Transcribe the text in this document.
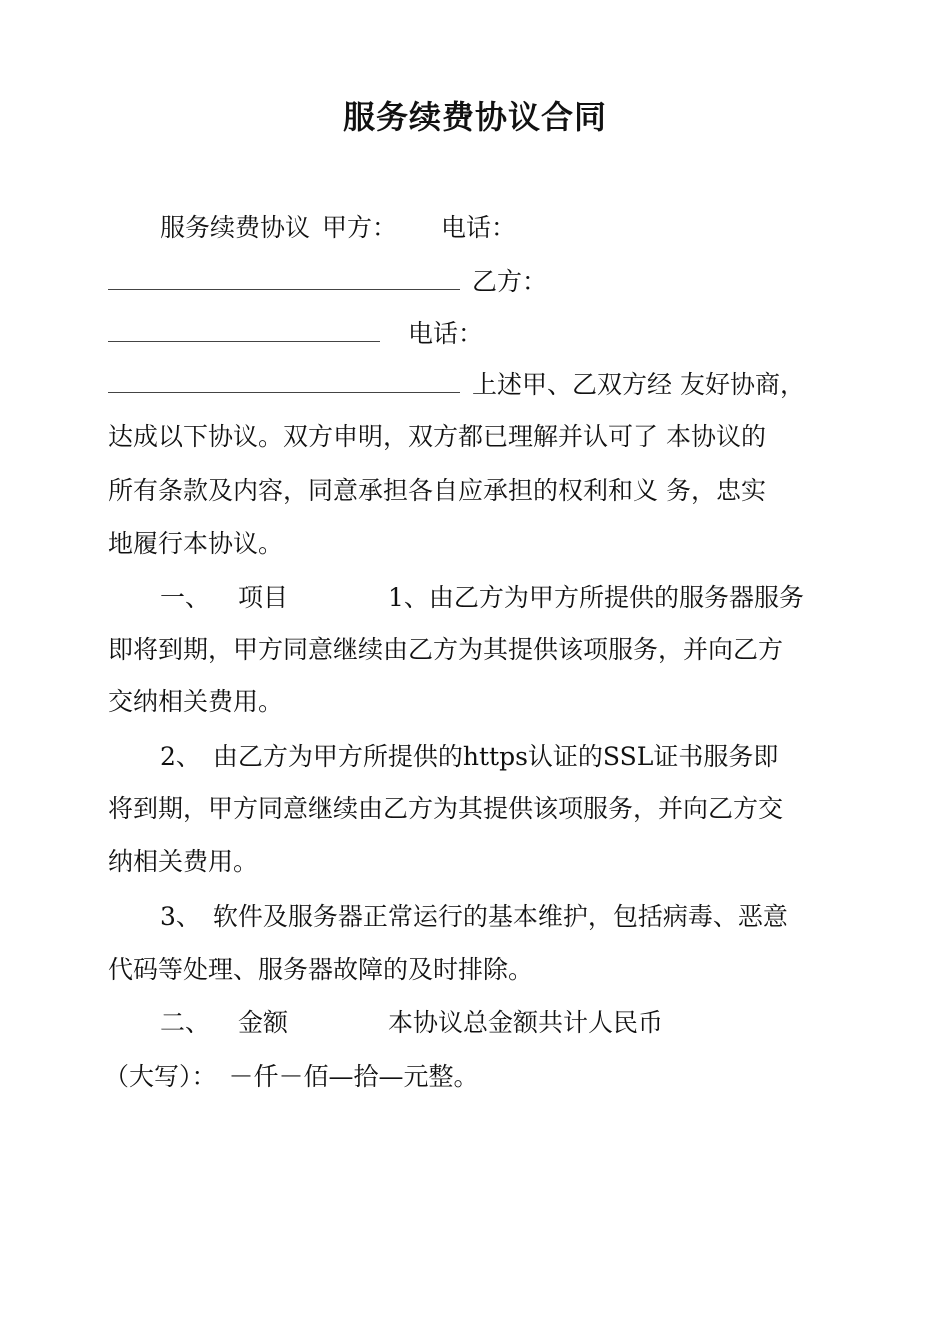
服务续费协议合同
服务续费协议 甲方： 电话：
乙方：
电话：
上述甲、乙双方经 友好协商，
达成以下协议。双方申明，双方都已理解并认可了 本协议的
所有条款及内容，同意承担各自应承担的权利和义 务，忠实
地履行本协议。
一、 项目	1、由乙方为甲方所提供的服务器服务
即将到期，甲方同意继续由乙方为其提供该项服务，并向乙方
交纳相关费用。
2、 由乙方为甲方所提供的https认证的SSL证书服务即
将到期，甲方同意继续由乙方为其提供该项服务，并向乙方交
纳相关费用。
3、 软件及服务器正常运行的基本维护，包括病毒、恶意
代码等处理、服务器故障的及时排除。
二、 金额	本协议总金额共计人民币
（大写）： －仟－佰—拾—元整。
